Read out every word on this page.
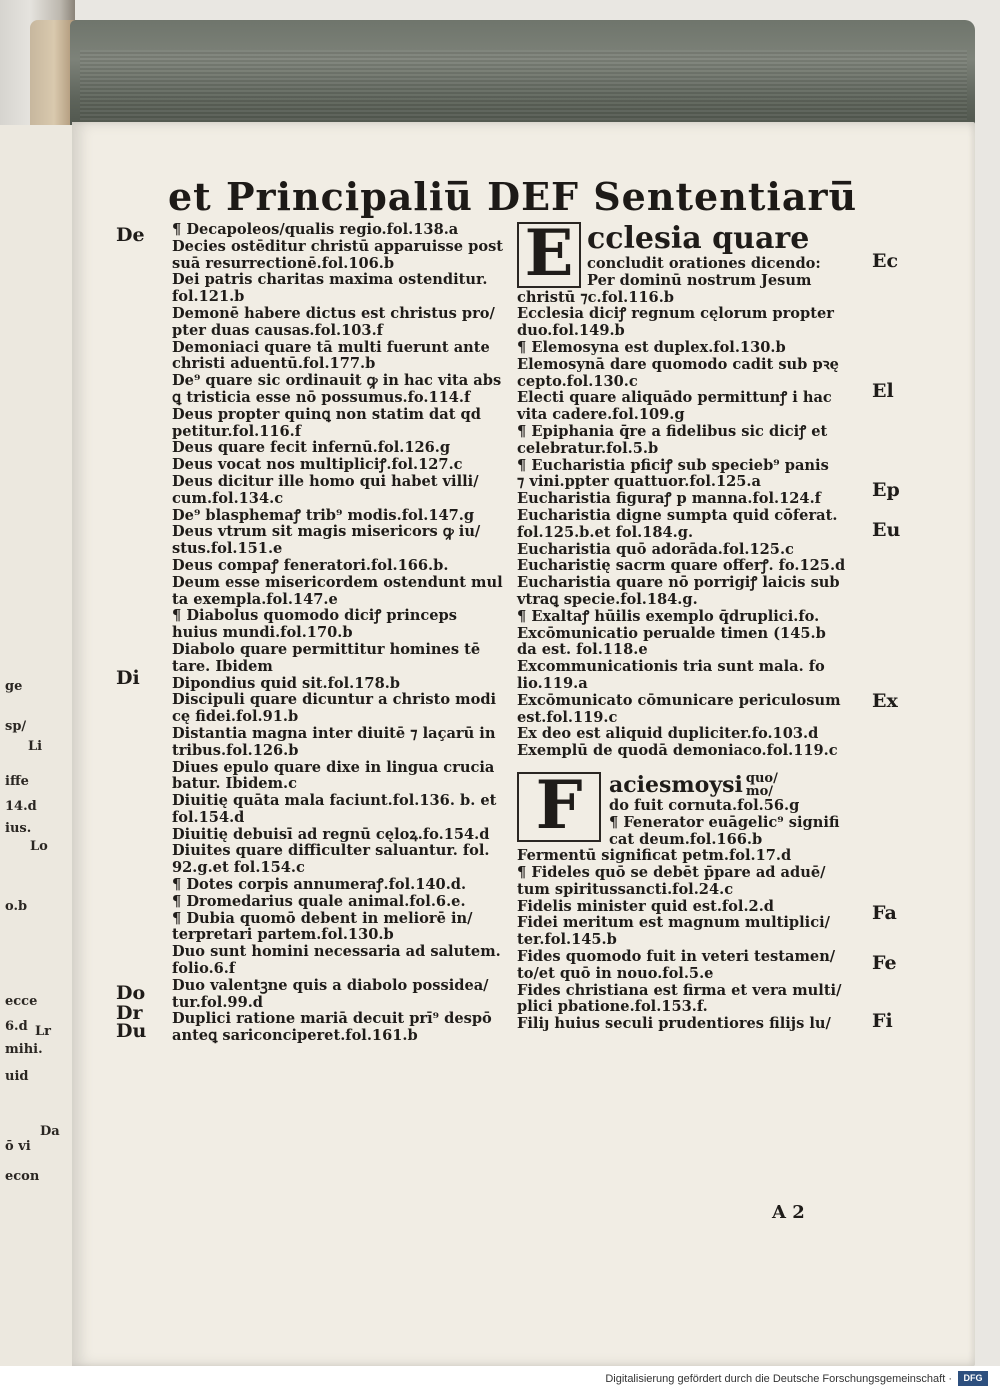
ge
sp/
Li
iffe
14.d
ius.
Lo
o.b
ecce
6.d
mihi.
Lr
uid
ō vi
Da
econ
et Principaliu̅ DEF Sententiaru̅

¶ Decapoleos/qualis regio.fol.138.a

Decies ostēditur christū apparuisse post
suā resurrectionē.fol.106.b

Dei patris charitas maxima ostenditur.
fol.121.b

Demonē habere dictus est christus pro/
pter duas causas.fol.103.f

Demoniaci quare tā multi fuerunt ante
christi aduentū.fol.177.b

De⁹ quare sic ordinauit ꝙ in hac vita abs
ꝗ tristicia esse nō possumus.fo.114.f

Deus propter quinꝗ non statim dat qd
petitur.fol.116.f

Deus quare fecit infernū.fol.126.g

Deus vocat nos multipliciꝭ.fol.127.c

Deus dicitur ille homo qui habet villi/
cum.fol.134.c

De⁹ blasphemaꝭ trib⁹ modis.fol.147.g

Deus vtrum sit magis misericors ꝙ iu/
stus.fol.151.e

Deus compaꝭ feneratori.fol.166.b.

Deum esse misericordem ostendunt mul
ta exempla.fol.147.e

¶ Diabolus quomodo diciꝭ princeps
huius mundi.fol.170.b

Diabolo quare permittitur homines tē
tare. Ibidem

Dipondius quid sit.fol.178.b

Discipuli quare dicuntur a christo modi
cę fidei.fol.91.b

Distantia magna inter diuitē ⁊ laçarū in
tribus.fol.126.b

Diues epulo quare dixe in lingua crucia
batur. Ibidem.c

Diuitię quāta mala faciunt.fol.136. b. et
fol.154.d

Diuitię debuisī ad regnū cęloꝝ.fo.154.d

Diuites quare difficulter saluantur. fol.
92.g.et fol.154.c

¶ Dotes corpis annumeraꝭ.fol.140.d.

¶ Dromedarius quale animal.fol.6.e.

¶ Dubia quomō debent in meliorē in/
terpretari partem.fol.130.b

Duo sunt homini necessaria ad salutem.
folio.6.f

Duo valentꝫne quis a diabolo possidea/
tur.fol.99.d

Duplici ratione mariā decuit prī⁹ despō
anteꝗ sariconciperet.fol.161.b

E cclesia quare

concludit orationes dicendo:
Per dominū nostrum Jesum
christū ⁊c.fol.116.b

Ecclesia diciꝭ regnum cęlorum propter
duo.fol.149.b

¶ Elemosyna est duplex.fol.130.b

Elemosynā dare quomodo cadit sub pꝛę
cepto.fol.130.c

Electi quare aliquādo permittunꝭ i hac
vita cadere.fol.109.g

¶ Epiphania q̄re a fidelibus sic diciꝭ et
celebratur.fol.5.b

¶ Eucharistia pficiꝭ sub specieb⁹ panis
⁊ vini.ppter quattuor.fol.125.a

Eucharistia figuraꝭ p manna.fol.124.f

Eucharistia digne sumpta quid cōferat.
fol.125.b.et fol.184.g.

Eucharistia quō adorāda.fol.125.c

Eucharistię sacrm quare offerꝭ. fo.125.d

Eucharistia quare nō porrigiꝭ laicis sub
vtraꝗ specie.fol.184.g.

¶ Exaltaꝭ hūilis exemplo q̄druplici.fo.

Excōmunicatio perualde timen (145.b
da est. fol.118.e

Excommunicationis tria sunt mala. fo
lio.119.a

Excōmunicato cōmunicare periculosum
est.fol.119.c

Ex deo est aliquid dupliciter.fo.103.d

Exemplū de quodā demoniaco.fol.119.c

F	aciesmoysi quo/
mo/

do fuit cornuta.fol.56.g
¶ Fenerator euāgelic⁹ signifi
cat deum.fol.166.b

Fermentū significat petm.fol.17.d

¶ Fideles quō se debēt p̄pare ad aduē/
tum spiritussancti.fol.24.c

Fidelis minister quid est.fol.2.d

Fidei meritum est magnum multiplici/
ter.fol.145.b

Fides quomodo fuit in veteri testamen/
to/et quō in nouo.fol.5.e

Fides christiana est firma et vera multi/
plici pbatione.fol.153.f.

Filiȷ huius seculi prudentiores filijs lu/

De
Di
Do
Dr
Du
Ec
El
Ep
Eu
Ex
Fa
Fe
Fi
A 2
Digitalisierung gefördert durch die Deutsche Forschungsgemeinschaft ·	DFG
